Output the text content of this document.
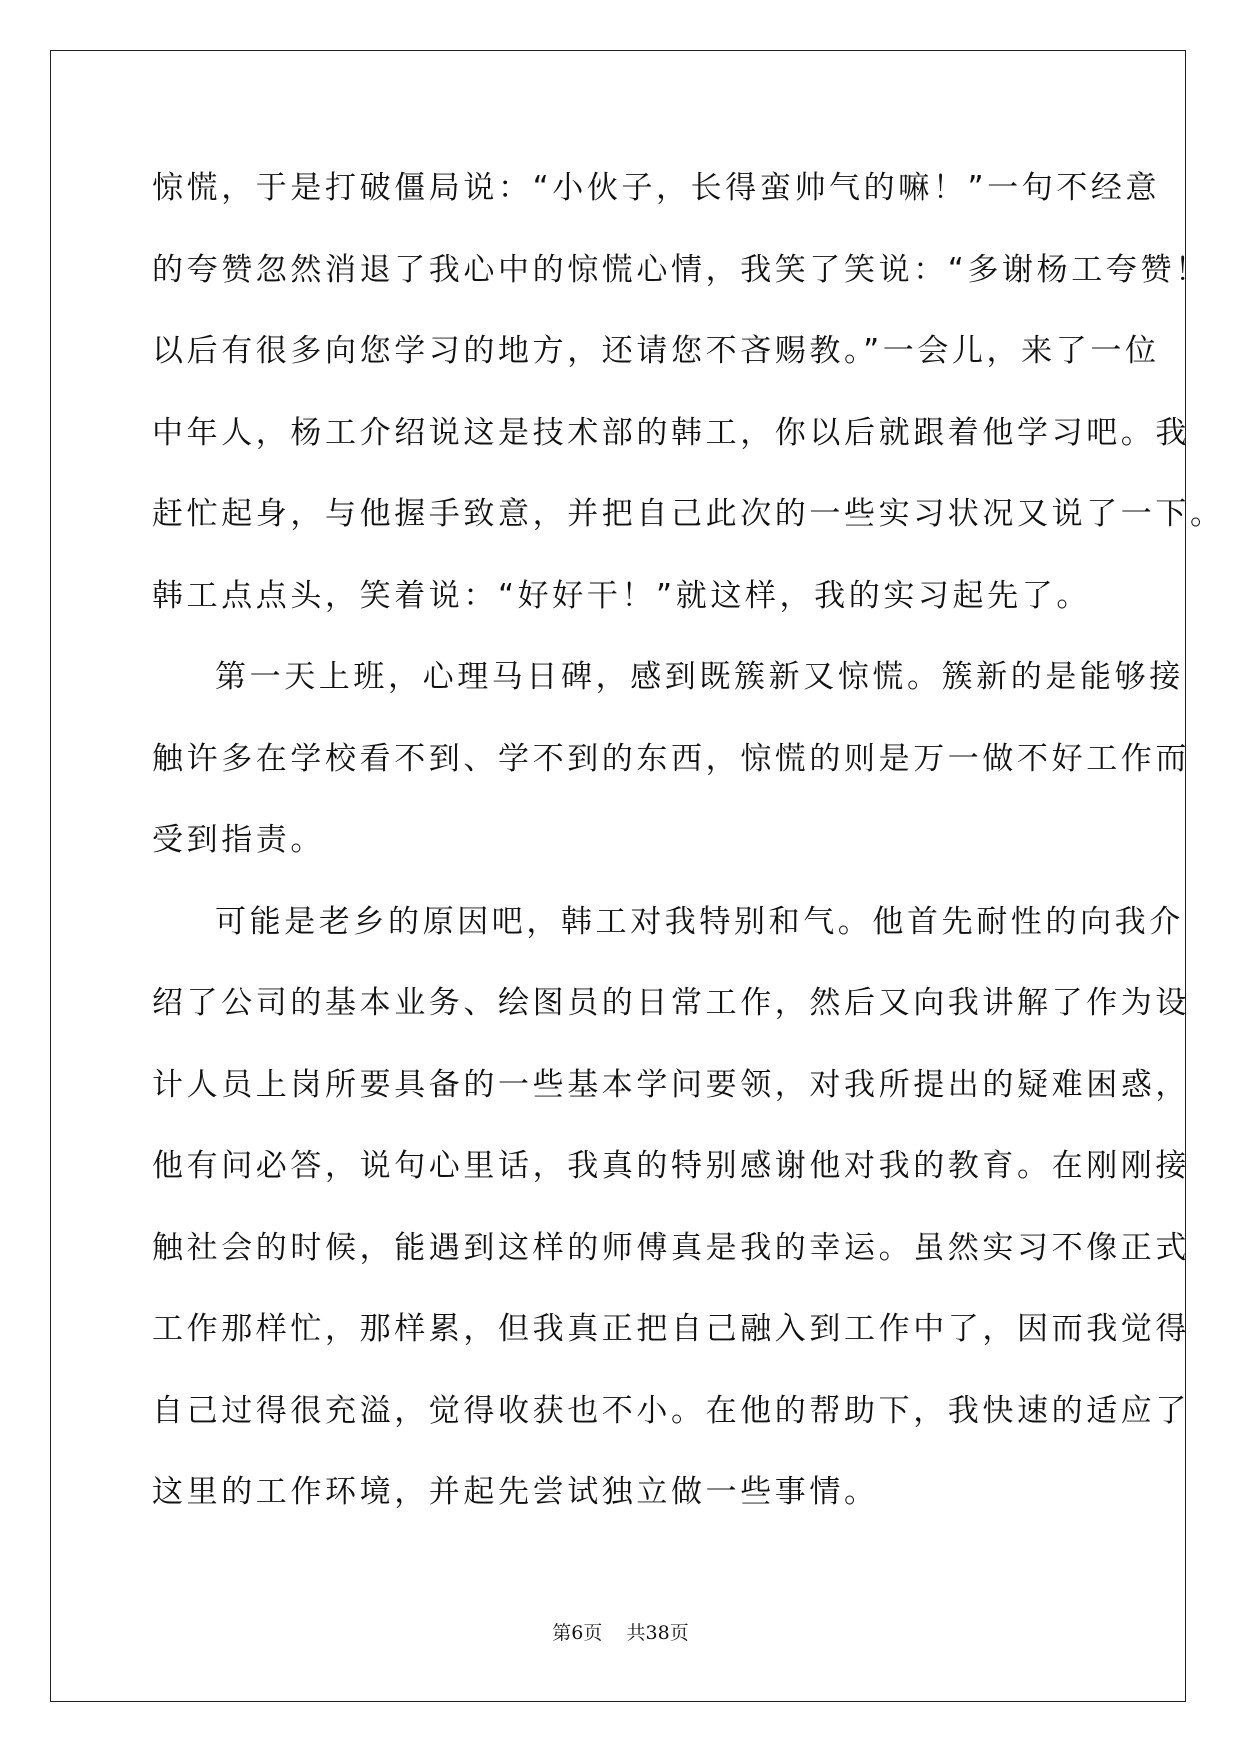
惊慌，于是打破僵局说：“小伙子，长得蛮帅气的嘛！”一句不经意
的夸赞忽然消退了我心中的惊慌心情，我笑了笑说：“多谢杨工夸赞！
以后有很多向您学习的地方，还请您不吝赐教。”一会儿，来了一位
中年人，杨工介绍说这是技术部的韩工，你以后就跟着他学习吧。我
赶忙起身，与他握手致意，并把自己此次的一些实习状况又说了一下。
韩工点点头，笑着说：“好好干！”就这样，我的实习起先了。
第一天上班，心理马日碑，感到既簇新又惊慌。簇新的是能够接
触许多在学校看不到、学不到的东西，惊慌的则是万一做不好工作而
受到指责。
可能是老乡的原因吧，韩工对我特别和气。他首先耐性的向我介
绍了公司的基本业务、绘图员的日常工作，然后又向我讲解了作为设
计人员上岗所要具备的一些基本学问要领，对我所提出的疑难困惑，
他有问必答，说句心里话，我真的特别感谢他对我的教育。在刚刚接
触社会的时候，能遇到这样的师傅真是我的幸运。虽然实习不像正式
工作那样忙，那样累，但我真正把自己融入到工作中了，因而我觉得
自己过得很充溢，觉得收获也不小。在他的帮助下，我快速的适应了
这里的工作环境，并起先尝试独立做一些事情。
第6页 共38页
